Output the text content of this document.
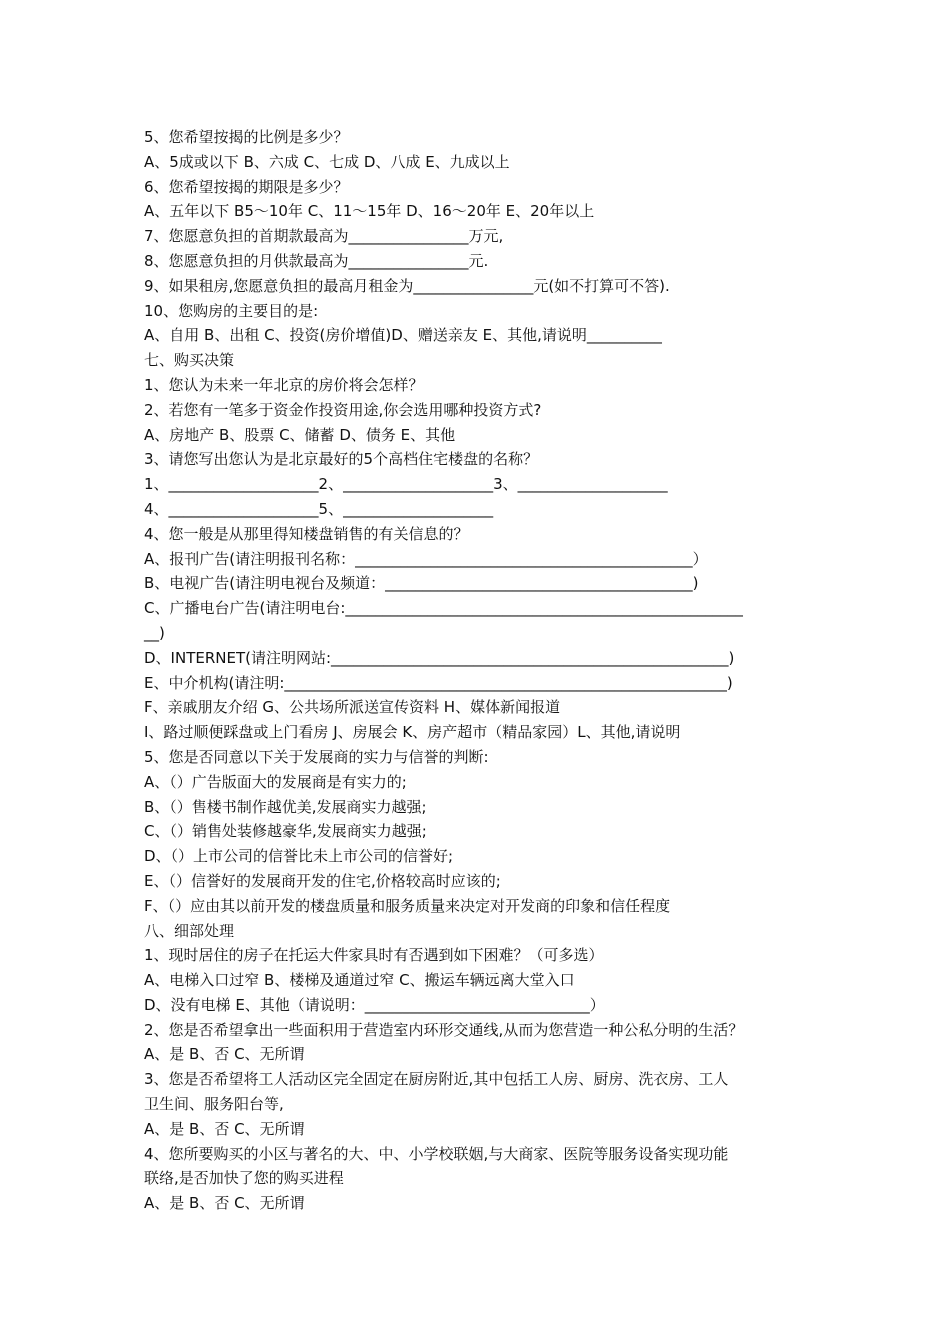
5、您希望按揭的比例是多少？
A、5成或以下 B、六成 C、七成 D、八成 E、九成以上
6、您希望按揭的期限是多少？
A、五年以下 B5～10年 C、11～15年 D、16～20年 E、20年以上
7、您愿意负担的首期款最高为________________万元,
8、您愿意负担的月供款最高为________________元.
9、如果租房,您愿意负担的最高月租金为________________元(如不打算可不答).
10、您购房的主要目的是:
A、自用 B、出租 C、投资(房价增值)D、赠送亲友 E、其他,请说明__________
七、购买决策
1、您认为未来一年北京的房价将会怎样？
2、若您有一笔多于资金作投资用途,你会选用哪种投资方式?
A、房地产 B、股票 C、储蓄 D、债务 E、其他
3、请您写出您认为是北京最好的5个高档住宅楼盘的名称？
1、____________________2、____________________3、____________________
4、____________________5、____________________
4、您一般是从那里得知楼盘销售的有关信息的？
A、报刊广告(请注明报刊名称：_____________________________________________）
B、电视广告(请注明电视台及频道：_________________________________________)
C、广播电台广告(请注明电台:_____________________________________________________
__)
D、INTERNET(请注明网站:_____________________________________________________)
E、中介机构(请注明:___________________________________________________________)
F、亲戚朋友介绍 G、公共场所派送宣传资料 H、媒体新闻报道
I、路过顺便踩盘或上门看房 J、房展会 K、房产超市（精品家园）L、其他,请说明
5、您是否同意以下关于发展商的实力与信誉的判断:
A、（）广告版面大的发展商是有实力的;
B、（）售楼书制作越优美,发展商实力越强;
C、（）销售处装修越豪华,发展商实力越强;
D、（）上市公司的信誉比未上市公司的信誉好;
E、（）信誉好的发展商开发的住宅,价格较高时应该的;
F、（）应由其以前开发的楼盘质量和服务质量来决定对开发商的印象和信任程度
八、细部处理
1、现时居住的房子在托运大件家具时有否遇到如下困难？（可多选）
A、电梯入口过窄 B、楼梯及通道过窄 C、搬运车辆远离大堂入口
D、没有电梯 E、其他（请说明：______________________________）
2、您是否希望拿出一些面积用于营造室内环形交通线,从而为您营造一种公私分明的生活？
A、是 B、否 C、无所谓
3、您是否希望将工人活动区完全固定在厨房附近,其中包括工人房、厨房、洗衣房、工人
卫生间、服务阳台等,
A、是 B、否 C、无所谓
4、您所要购买的小区与著名的大、中、小学校联姻,与大商家、医院等服务设备实现功能
联络,是否加快了您的购买进程
A、是 B、否 C、无所谓
